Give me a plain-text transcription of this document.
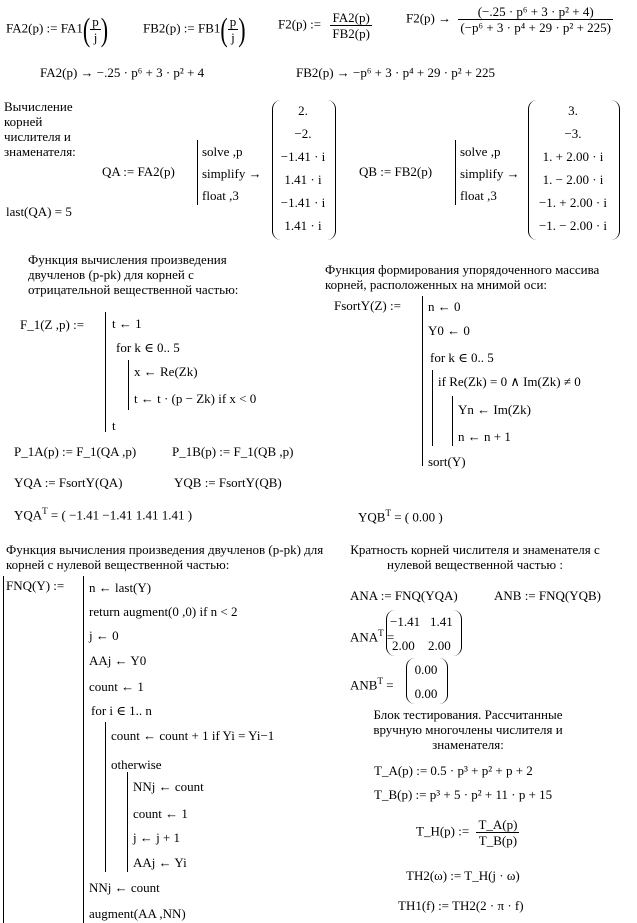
FA2(p) := $FA1( \frac{p}{j}$ )	FB2(p) := $FB1( \frac{p}{j}$ ) F2(p) := $\frac{FA2(p)}{FB2(p)}$	$F2(p) \to \frac{\text{(−.25 · p⁶ + 3 · p² + 4)}}{\text{(−p⁶ + 3 · p⁴ + 29 · p² + 225)}}$
FA2(p) → −.25 · p⁶ + 3 · p² + 4	FB2(p) → −p⁶ + 3 · p⁴ + 29 · p² + 225
Вычисление корней числителя и знаменателя:
QA := FA2(p)
solve ,p
simplify →
float ,3
2.
−2.
−1.41 · i
1.41 · i
−1.41 · i
1.41 · i
QB := FB2(p)
solve ,p
simplify →
float ,3
3.
−3.
1. + 2.00 · i
1. − 2.00 · i
−1. + 2.00 · i
−1. − 2.00 · i
last(QA) = 5
Функция вычисления произведения двучленов (p-pk) для корней с отрицательной вещественной частью:
F_1(Z ,p) := t ← 1
for k ∈ 0.. 5
x ← Re(Zk)
t ← t · (p − Zk) if x < 0
t
P_1A(p) := F_1(QA ,p)	P_1B(p) := F_1(QB ,p)
Функция формирования упорядоченного массива корней, расположенных на мнимой оси:
FsortY(Z) := n ← 0
Y0 ← 0
for k ∈ 0.. 5
if Re(Zk) = 0 ∧ Im(Zk) ≠ 0
Yn ← Im(Zk)
n ← n + 1
sort(Y)
YQA := FsortY(QA)	YQB := FsortY(QB)
$YQA^T$ = ( −1.41 −1.41 1.41 1.41 )	$YQB^T$ = ( 0.00 )
Функция вычисления произведения двучленов (p-pk) для корней с нулевой вещественной частью:
FNQ(Y) := n ← last(Y)
return augment(0 ,0) if n < 2
j ← 0
AAj ← Y0
count ← 1
for i ∈ 1.. n
count ← count + 1 if Yi = Yi−1
otherwise
NNj ← count
count ← 1
j ← j + 1
AAj ← Yi
NNj ← count
augment(AA ,NN)
Кратность корней числителя и знаменателя с нулевой вещественной частью :
ANA := FNQ(YQA)	ANB := FNQ(YQB)
$ANA^T$ =
−1.41 1.41
2.00 2.00
$ANB^T$ =
0.00
0.00
Блок тестирования. Рассчитанные вручную многочлены числителя и знаменателя:
T_A(p) := 0.5 · p³ + p² + p + 2
T_B(p) := p³ + 5 · p² + 11 · p + 15
T_H(p) := $\frac{T\_A(p)}{T\_B(p)}$
TH2(ω) := T_H(j · ω)
TH1(f) := TH2(2 · π · f)
